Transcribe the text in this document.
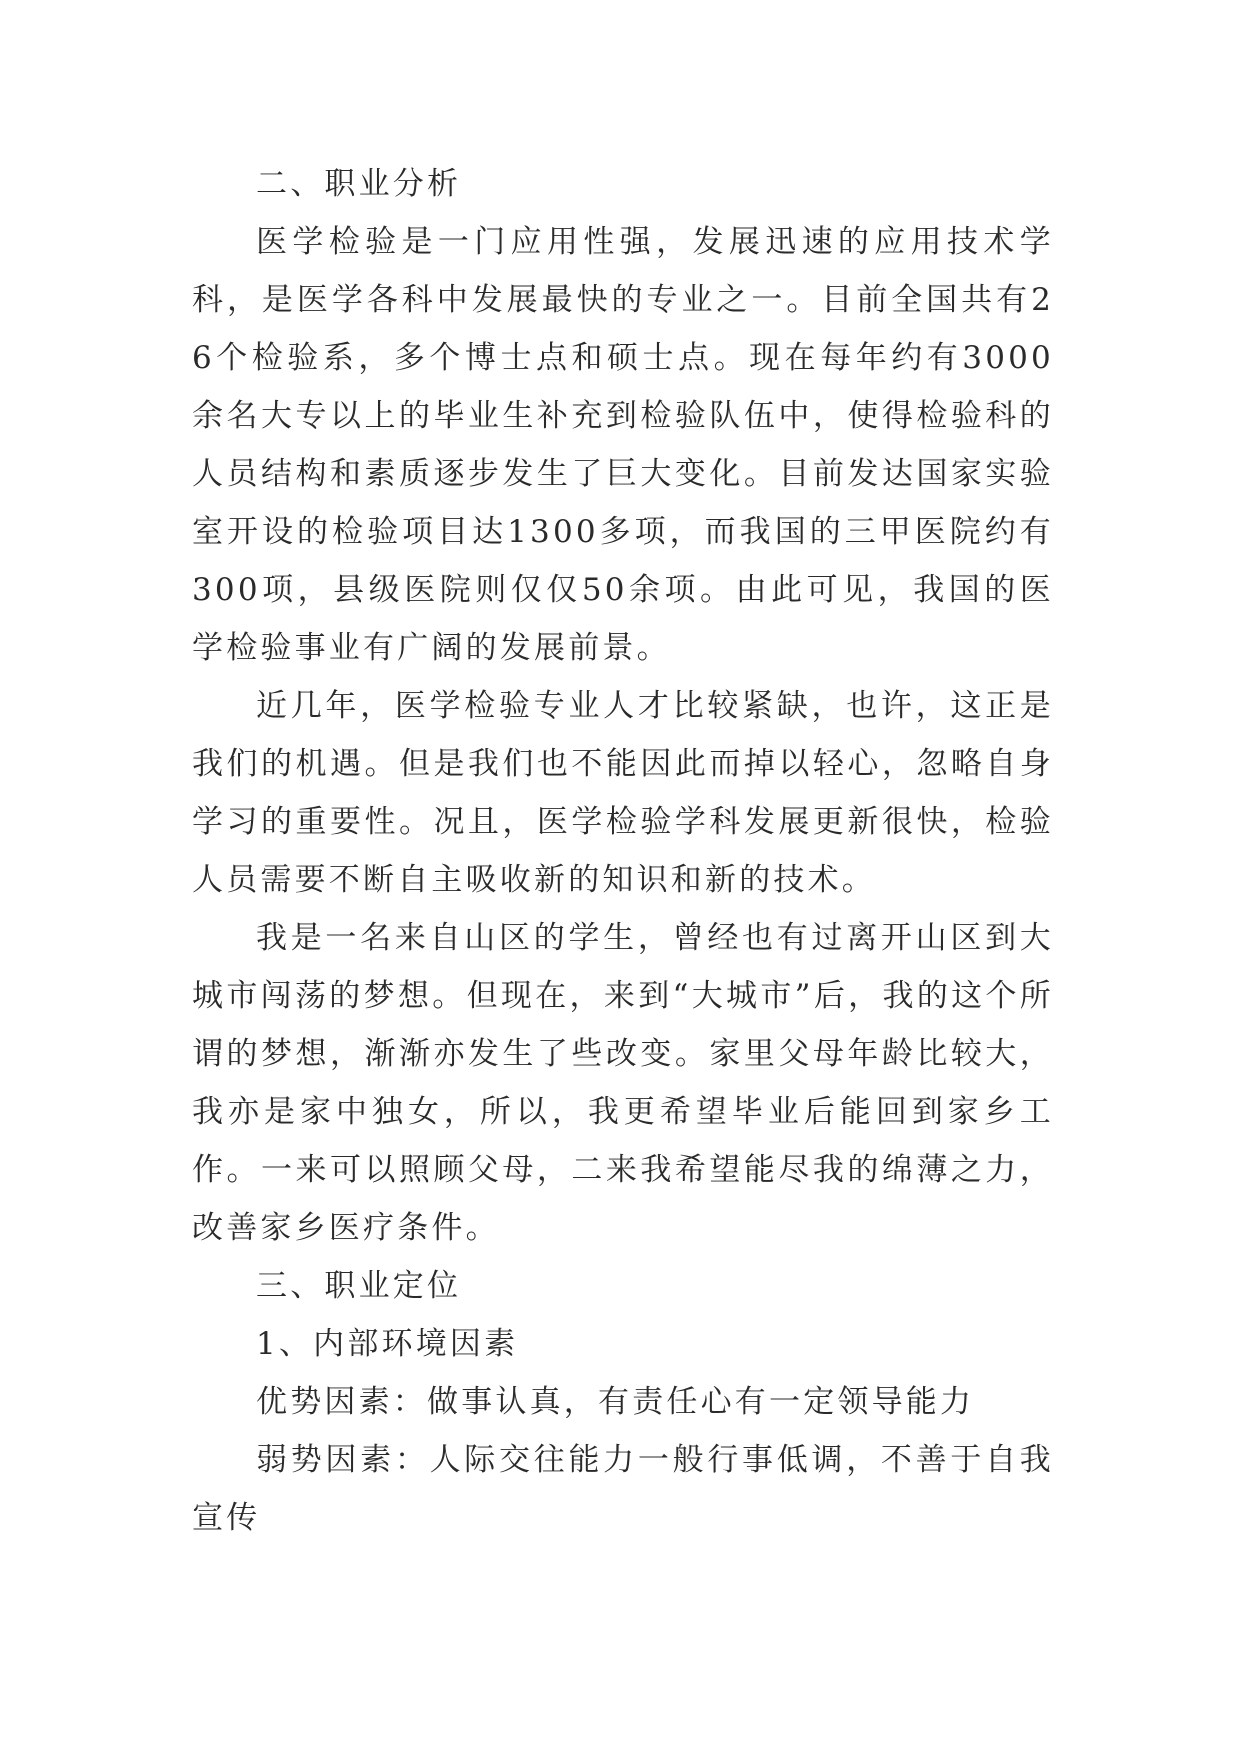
二、职业分析

医学检验是一门应用性强，发展迅速的应用技术学科，是医学各科中发展最快的专业之一。目前全国共有26个检验系，多个博士点和硕士点。现在每年约有3000余名大专以上的毕业生补充到检验队伍中，使得检验科的人员结构和素质逐步发生了巨大变化。目前发达国家实验室开设的检验项目达1300多项，而我国的三甲医院约有300项，县级医院则仅仅50余项。由此可见，我国的医学检验事业有广阔的发展前景。

近几年，医学检验专业人才比较紧缺，也许，这正是我们的机遇。但是我们也不能因此而掉以轻心，忽略自身学习的重要性。况且，医学检验学科发展更新很快，检验人员需要不断自主吸收新的知识和新的技术。

我是一名来自山区的学生，曾经也有过离开山区到大城市闯荡的梦想。但现在，来到“大城市”后，我的这个所谓的梦想，渐渐亦发生了些改变。家里父母年龄比较大，我亦是家中独女，所以，我更希望毕业后能回到家乡工作。一来可以照顾父母，二来我希望能尽我的绵薄之力，改善家乡医疗条件。

三、职业定位

1、内部环境因素

优势因素：做事认真，有责任心有一定领导能力

弱势因素：人际交往能力一般行事低调，不善于自我宣传
